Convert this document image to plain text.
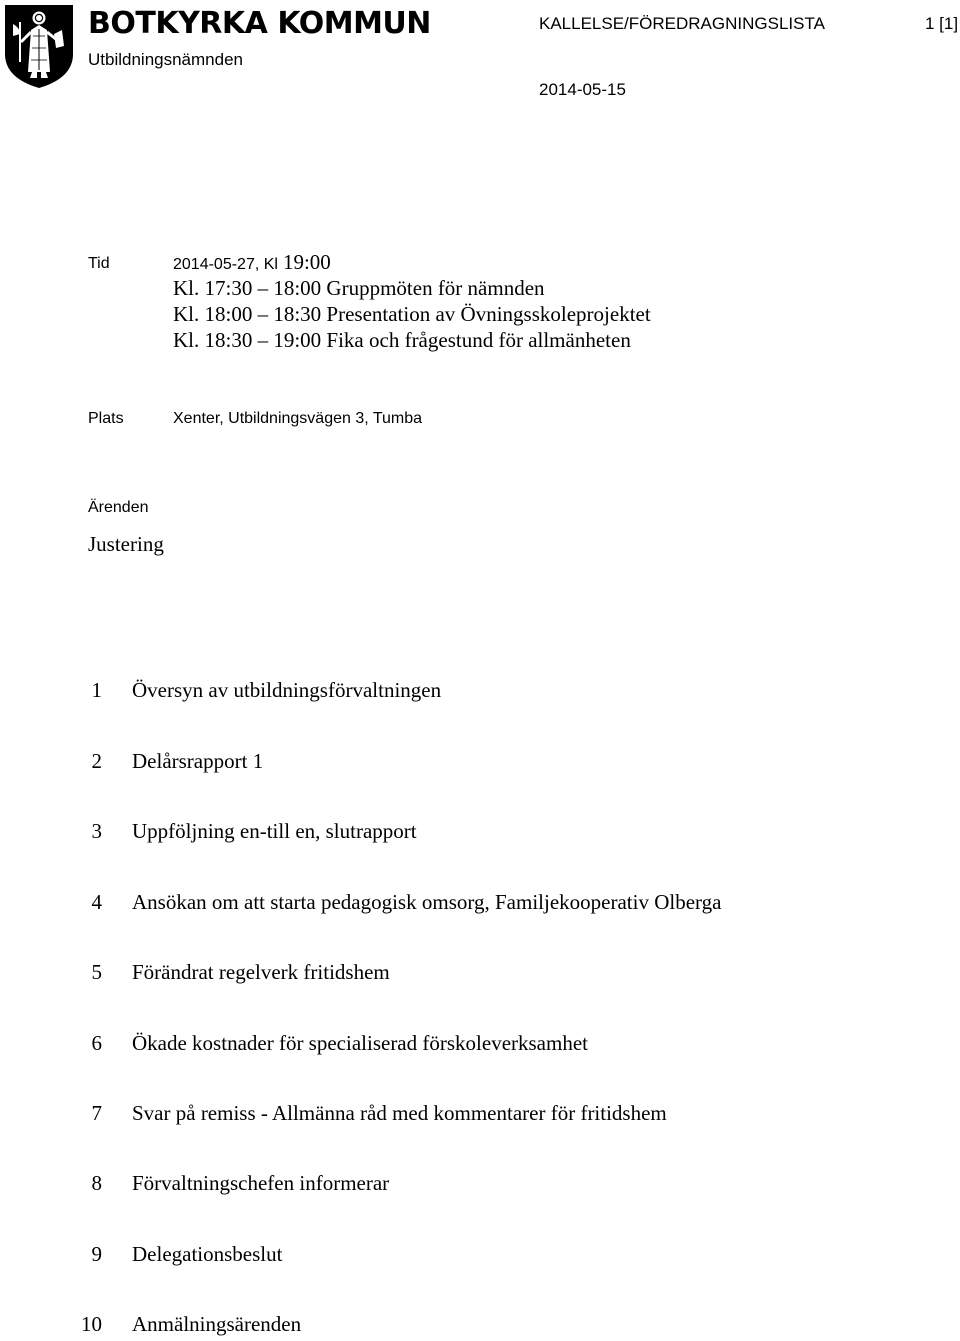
BOTKYRKA KOMMUN
Utbildningsnämnden
KALLELSE/FÖREDRAGNINGSLISTA	1 [1]
2014-05-15
Tid	2014-05-27, Kl 19:00
Kl. 17:30 – 18:00 Gruppmöten för nämnden
Kl. 18:00 – 18:30 Presentation av Övningsskoleprojektet
Kl. 18:30 – 19:00 Fika och frågestund för allmänheten
Plats	Xenter, Utbildningsvägen 3, Tumba
Ärenden
Justering
1 Översyn av utbildningsförvaltningen
2 Delårsrapport 1
3 Uppföljning en-till en, slutrapport
4 Ansökan om att starta pedagogisk omsorg, Familjekooperativ Olberga
5 Förändrat regelverk fritidshem
6 Ökade kostnader för specialiserad förskoleverksamhet
7 Svar på remiss - Allmänna råd med kommentarer för fritidshem
8 Förvaltningschefen informerar
9 Delegationsbeslut
10 Anmälningsärenden
